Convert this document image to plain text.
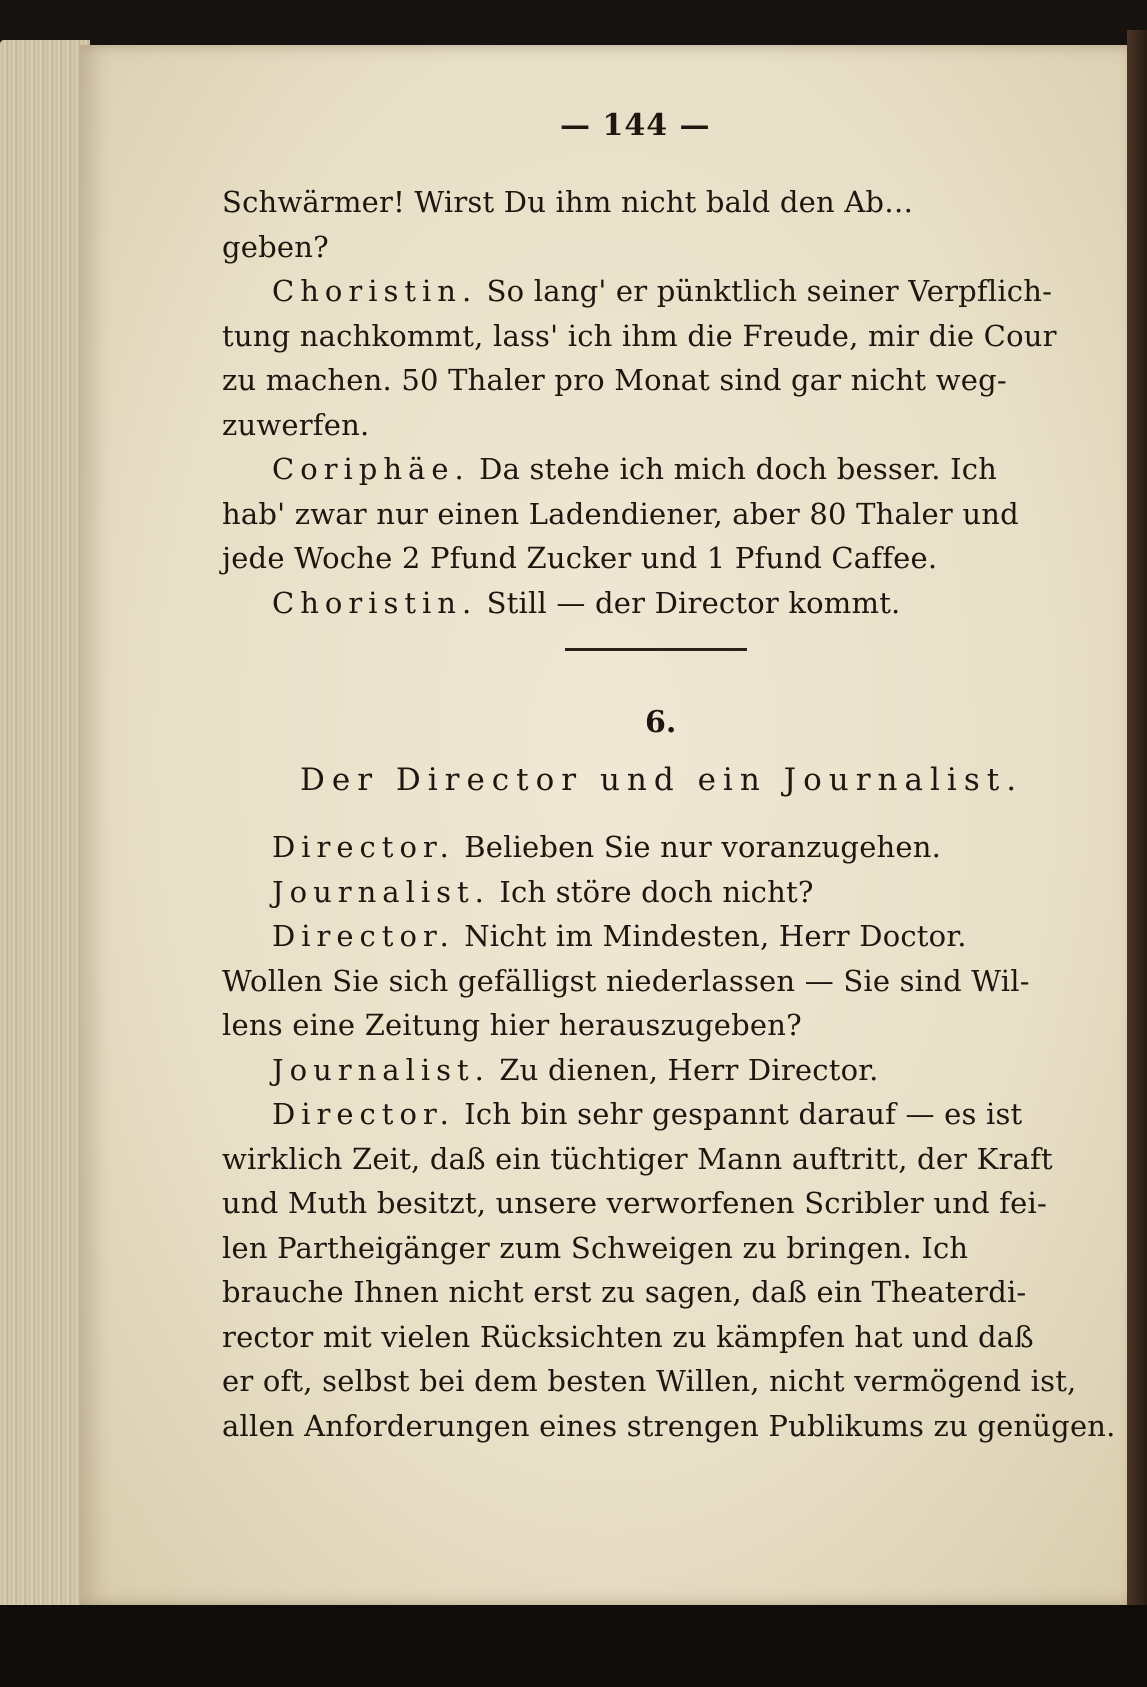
— 144 —
Schwärmer! Wirst Du ihm nicht bald den Ab…
geben?
Choristin. So lang' er pünktlich seiner Verpflich-
tung nachkommt, lass' ich ihm die Freude, mir die Cour
zu machen. 50 Thaler pro Monat sind gar nicht weg-
zuwerfen.
Coriphäe. Da stehe ich mich doch besser. Ich
hab' zwar nur einen Ladendiener, aber 80 Thaler und
jede Woche 2 Pfund Zucker und 1 Pfund Caffee.
Choristin. Still — der Director kommt.
6.
Der Director und ein Journalist.
Director. Belieben Sie nur voranzugehen.
Journalist. Ich störe doch nicht?
Director. Nicht im Mindesten, Herr Doctor.
Wollen Sie sich gefälligst niederlassen — Sie sind Wil-
lens eine Zeitung hier herauszugeben?
Journalist. Zu dienen, Herr Director.
Director. Ich bin sehr gespannt darauf — es ist
wirklich Zeit, daß ein tüchtiger Mann auftritt, der Kraft
und Muth besitzt, unsere verworfenen Scribler und fei-
len Partheigänger zum Schweigen zu bringen. Ich
brauche Ihnen nicht erst zu sagen, daß ein Theaterdi-
rector mit vielen Rücksichten zu kämpfen hat und daß
er oft, selbst bei dem besten Willen, nicht vermögend ist,
allen Anforderungen eines strengen Publikums zu genügen.
